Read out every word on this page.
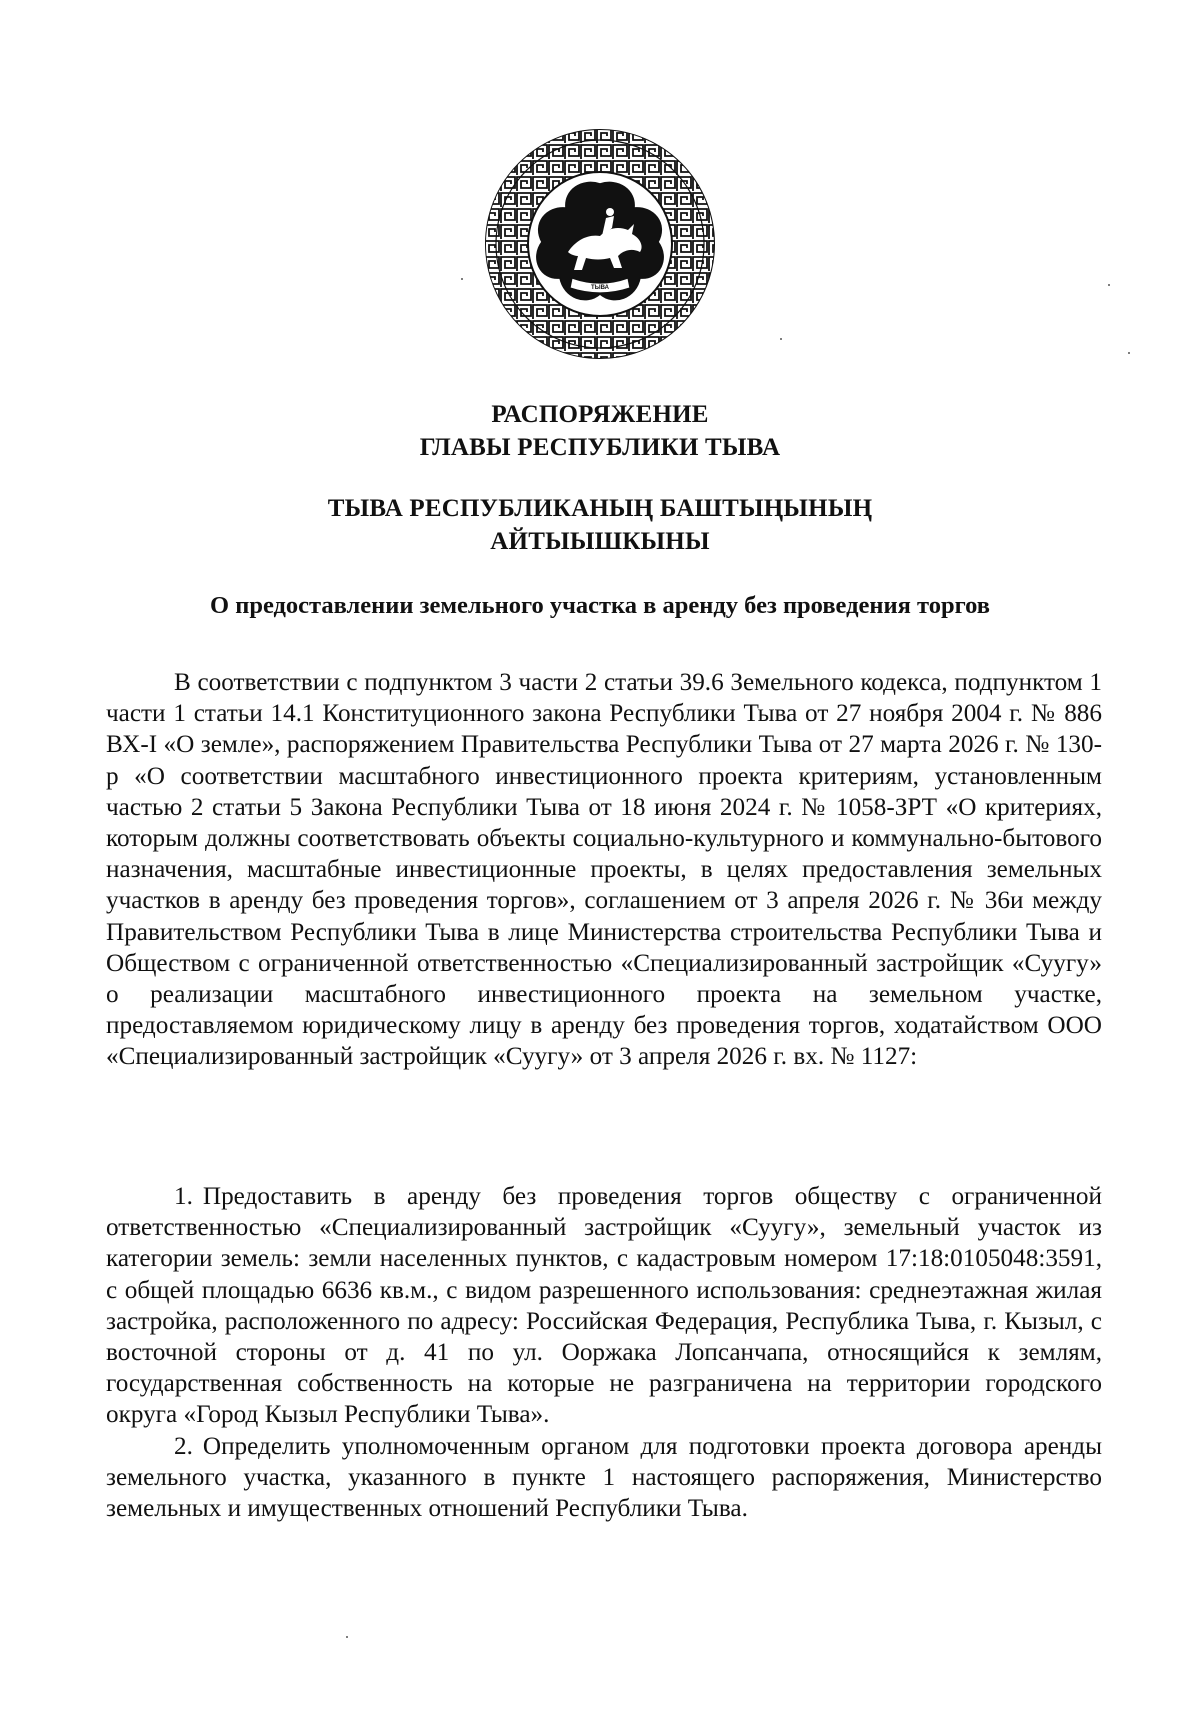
ТЫВА
РАСПОРЯЖЕНИЕ
ГЛАВЫ РЕСПУБЛИКИ ТЫВА
ТЫВА РЕСПУБЛИКАНЫҢ БАШТЫҢЫНЫҢ
АЙТЫЫШКЫНЫ
О предоставлении земельного участка в аренду без проведения торгов

В соответствии с подпунктом 3 части 2 статьи 39.6 Земельного кодекса, подпунктом 1 части 1 статьи 14.1 Конституционного закона Республики Тыва от 27 ноября 2004 г. № 886 ВХ-I «О земле», распоряжением Правительства Республики Тыва от 27 марта 2026 г. № 130-р «О соответствии масштабного инвестиционного проекта критериям, установленным частью 2 статьи 5 Закона Республики Тыва от 18 июня 2024 г. № 1058-ЗРТ «О критериях, которым должны соответствовать объекты социально-культурного и коммунально-бытового назначения, масштабные инвестиционные проекты, в целях предоставления земельных участков в аренду без проведения торгов», соглашением от 3 апреля 2026 г. № 36и между Правительством Республики Тыва в лице Министерства строительства Республики Тыва и Обществом с ограниченной ответственностью «Специализированный застройщик «Суугу» о реализации масштабного инвестиционного проекта на земельном участке, предоставляемом юридическому лицу в аренду без проведения торгов, ходатайством ООО «Специализированный застройщик «Суугу» от 3 апреля 2026 г. вх. № 1127:

1. Предоставить в аренду без проведения торгов обществу с ограниченной ответственностью «Специализированный застройщик «Суугу», земельный участок из категории земель: земли населенных пунктов, с кадастровым номером 17:18:0105048:3591, с общей площадью 6636 кв.м., с видом разрешенного использования: среднеэтажная жилая застройка, расположенного по адресу: Российская Федерация, Республика Тыва, г. Кызыл, с восточной стороны от д. 41 по ул. Ооржака Лопсанчапа, относящийся к землям, государственная собственность на которые не разграничена на территории городского округа «Город Кызыл Республики Тыва».

2. Определить уполномоченным органом для подготовки проекта договора аренды земельного участка, указанного в пункте 1 настоящего распоряжения, Министерство земельных и имущественных отношений Республики Тыва.
